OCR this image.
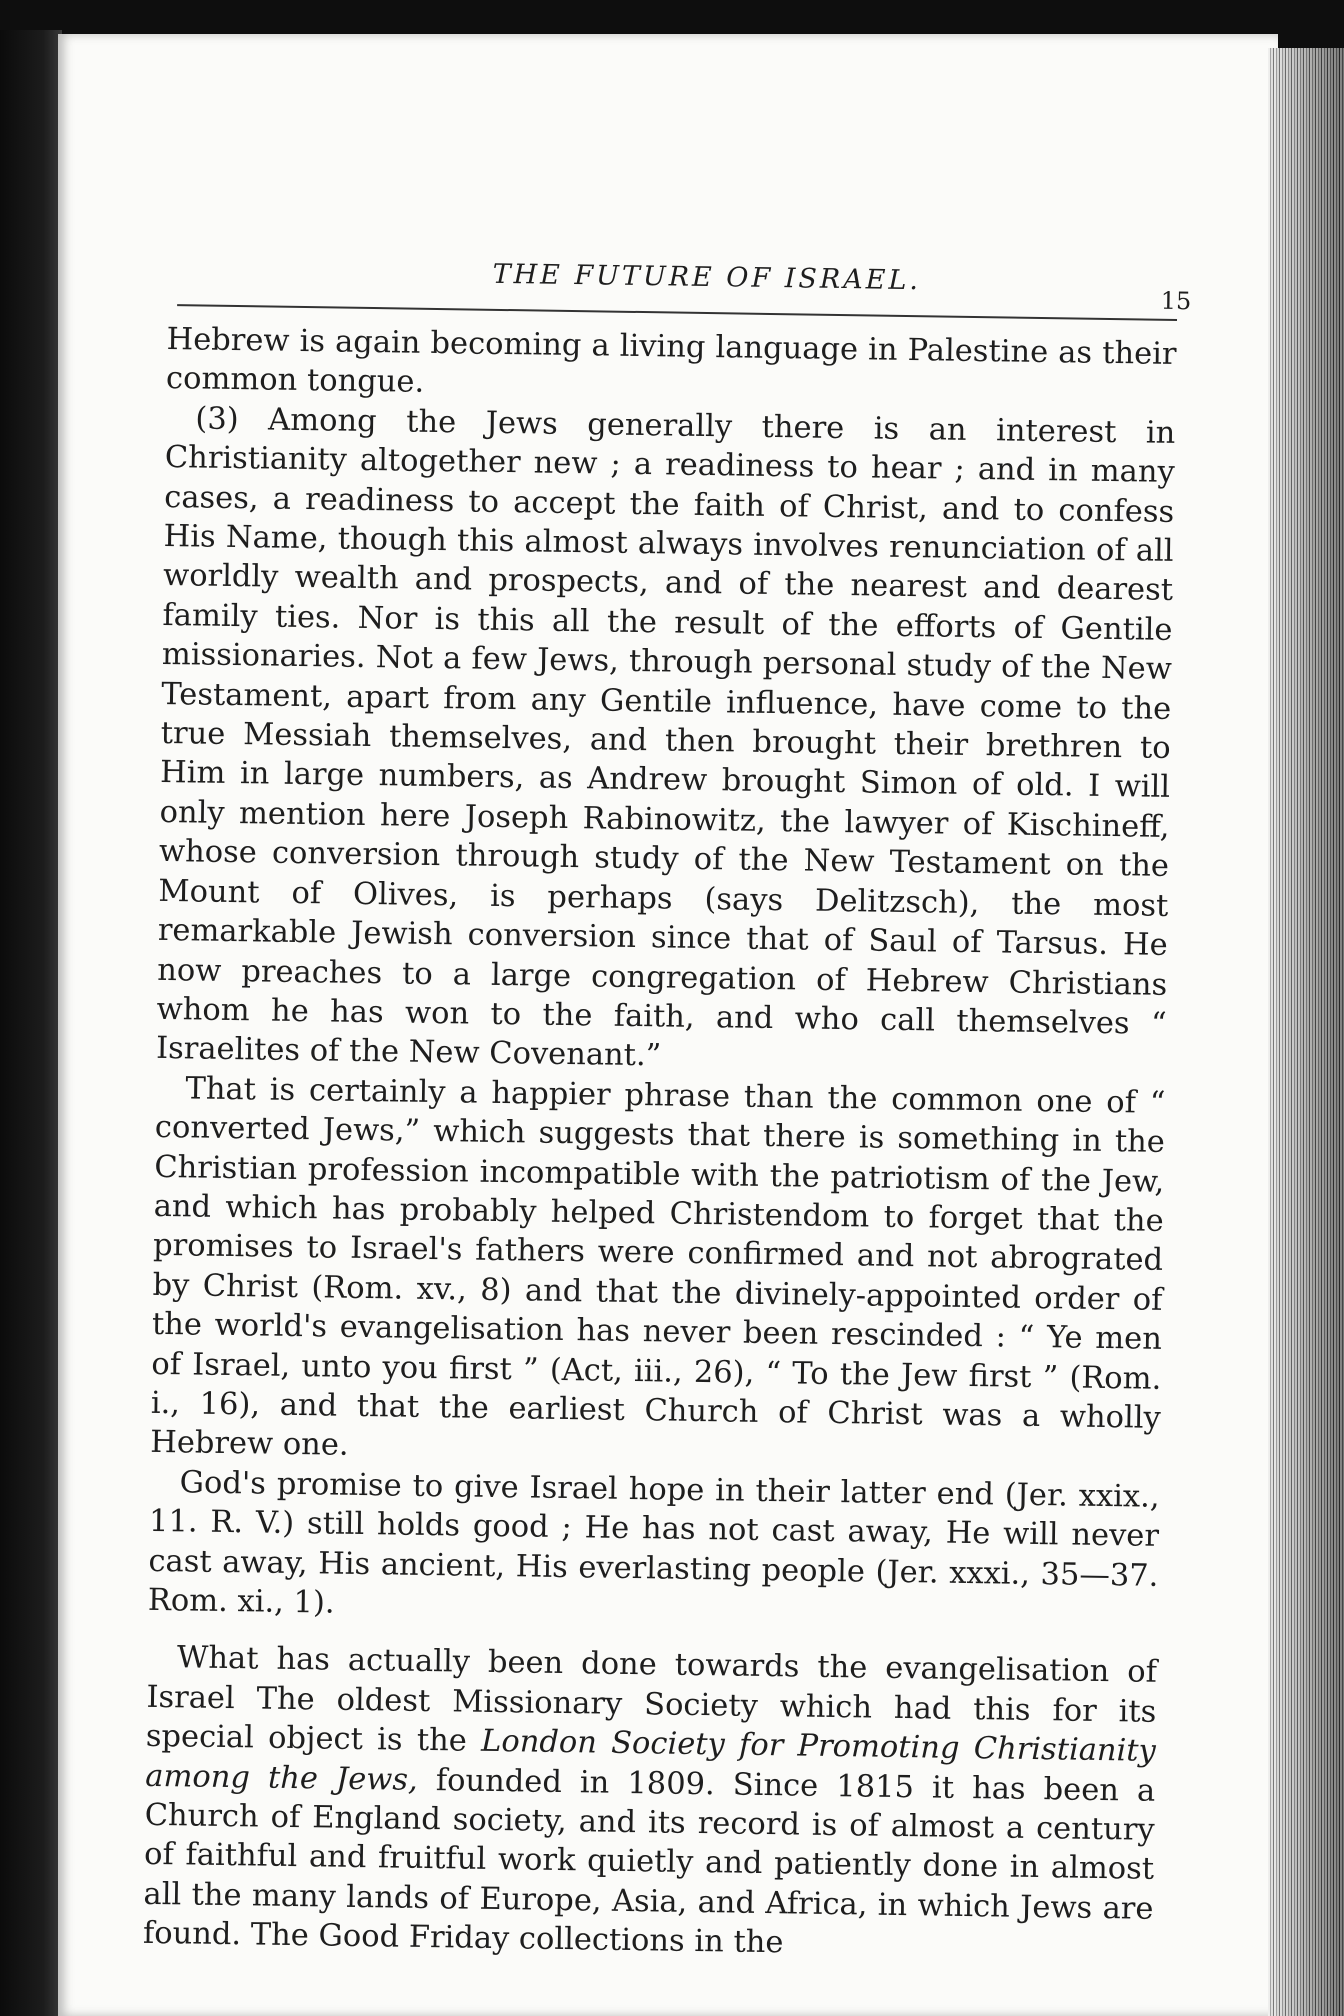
THE FUTURE OF ISRAEL.
15

Hebrew is again becoming a living language in Palestine as their common tongue.

(3) Among the Jews generally there is an interest in Christianity altogether new ; a readiness to hear ; and in many cases, a readiness to accept the faith of Christ, and to confess His Name, though this almost always involves renunciation of all worldly wealth and prospects, and of the nearest and dearest family ties. Nor is this all the result of the efforts of Gentile missionaries. Not a few Jews, through personal study of the New Testament, apart from any Gentile influence, have come to the true Messiah themselves, and then brought their brethren to Him in large numbers, as Andrew brought Simon of old. I will only mention here Joseph Rabinowitz, the lawyer of Kischineff, whose conversion through study of the New Testament on the Mount of Olives, is perhaps (says Delitzsch), the most remarkable Jewish conversion since that of Saul of Tarsus. He now preaches to a large congregation of Hebrew Christians whom he has won to the faith, and who call themselves “ Israelites of the New Covenant.”

That is certainly a happier phrase than the common one of “ converted Jews,” which suggests that there is something in the Christian profession incompatible with the patriotism of the Jew, and which has probably helped Christendom to forget that the promises to Israel's fathers were confirmed and not abrograted by Christ (Rom. xv., 8) and that the divinely-appointed order of the world's evangelisation has never been rescinded : “ Ye men of Israel, unto you first ” (Act, iii., 26), “ To the Jew first ” (Rom. i., 16), and that the earliest Church of Christ was a wholly Hebrew one.

God's promise to give Israel hope in their latter end (Jer. xxix., 11. R. V.) still holds good ; He has not cast away, He will never cast away, His ancient, His everlasting people (Jer. xxxi., 35—37. Rom. xi., 1).

What has actually been done towards the evangelisation of Israel The oldest Missionary Society which had this for its special object is the London Society for Promoting Christianity among the Jews, founded in 1809. Since 1815 it has been a Church of England society, and its record is of almost a century of faithful and fruitful work quietly and patiently done in almost all the many lands of Europe, Asia, and Africa, in which Jews are found. The Good Friday collections in the
